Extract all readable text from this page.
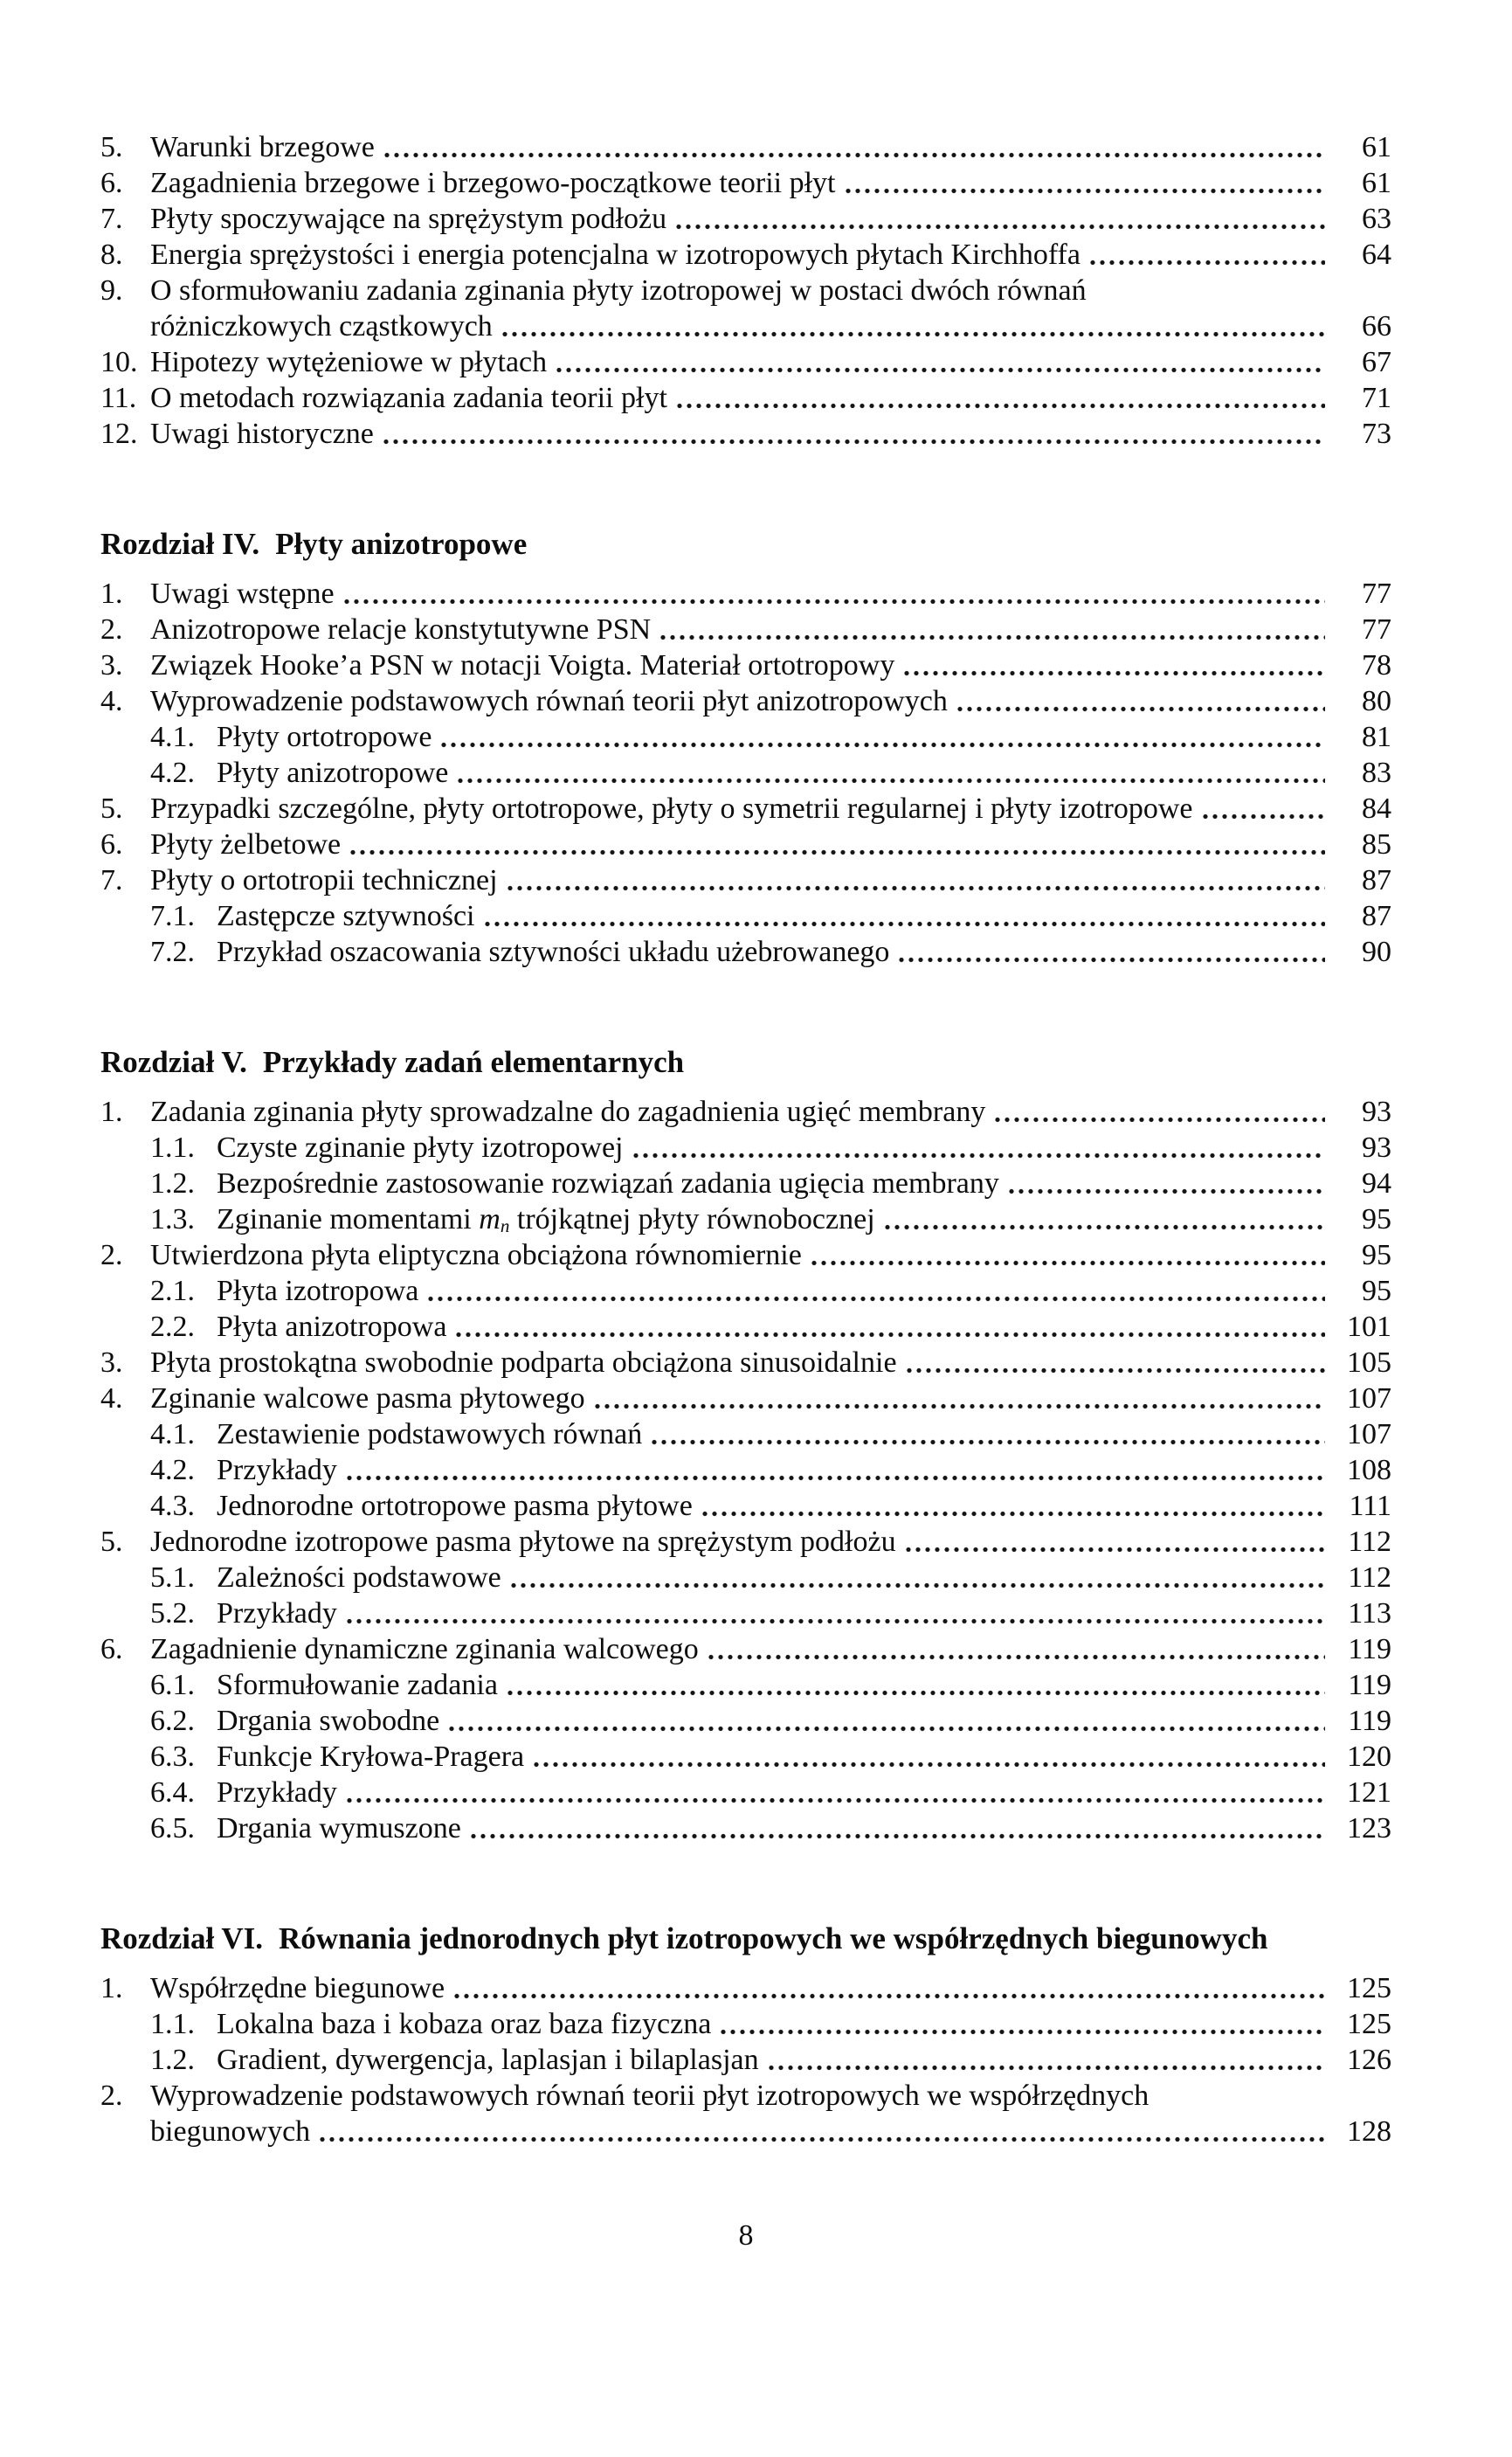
5. Warunki brzegowe	61
6. Zagadnienia brzegowe i brzegowo-początkowe teorii płyt	61
7. Płyty spoczywające na sprężystym podłożu	63
8. Energia sprężystości i energia potencjalna w izotropowych płytach Kirchhoffa	64
9. O sformułowaniu zadania zginania płyty izotropowej w postaci dwóch równań
różniczkowych cząstkowych	66
10. Hipotezy wytężeniowe w płytach	67
11. O metodach rozwiązania zadania teorii płyt	71
12. Uwagi historyczne	73
Rozdział IV. Płyty anizotropowe
1. Uwagi wstępne	77
2. Anizotropowe relacje konstytutywne PSN	77
3. Związek Hooke’a PSN w notacji Voigta. Materiał ortotropowy	78
4. Wyprowadzenie podstawowych równań teorii płyt anizotropowych	80
4.1. Płyty ortotropowe	81
4.2. Płyty anizotropowe	83
5. Przypadki szczególne, płyty ortotropowe, płyty o symetrii regularnej i płyty izotropowe	84
6. Płyty żelbetowe	85
7. Płyty o ortotropii technicznej	87
7.1. Zastępcze sztywności	87
7.2. Przykład oszacowania sztywności układu użebrowanego	90
Rozdział V. Przykłady zadań elementarnych
1. Zadania zginania płyty sprowadzalne do zagadnienia ugięć membrany	93
1.1. Czyste zginanie płyty izotropowej	93
1.2. Bezpośrednie zastosowanie rozwiązań zadania ugięcia membrany	94
1.3. Zginanie momentami mn trójkątnej płyty równobocznej	95
2. Utwierdzona płyta eliptyczna obciążona równomiernie	95
2.1. Płyta izotropowa	95
2.2. Płyta anizotropowa	101
3. Płyta prostokątna swobodnie podparta obciążona sinusoidalnie	105
4. Zginanie walcowe pasma płytowego	107
4.1. Zestawienie podstawowych równań	107
4.2. Przykłady	108
4.3. Jednorodne ortotropowe pasma płytowe	111
5. Jednorodne izotropowe pasma płytowe na sprężystym podłożu	112
5.1. Zależności podstawowe	112
5.2. Przykłady	113
6. Zagadnienie dynamiczne zginania walcowego	119
6.1. Sformułowanie zadania	119
6.2. Drgania swobodne	119
6.3. Funkcje Kryłowa-Pragera	120
6.4. Przykłady	121
6.5. Drgania wymuszone	123
Rozdział VI. Równania jednorodnych płyt izotropowych we współrzędnych biegunowych
1. Współrzędne biegunowe	125
1.1. Lokalna baza i kobaza oraz baza fizyczna	125
1.2. Gradient, dywergencja, laplasjan i bilaplasjan	126
2. Wyprowadzenie podstawowych równań teorii płyt izotropowych we współrzędnych
biegunowych	128
8
